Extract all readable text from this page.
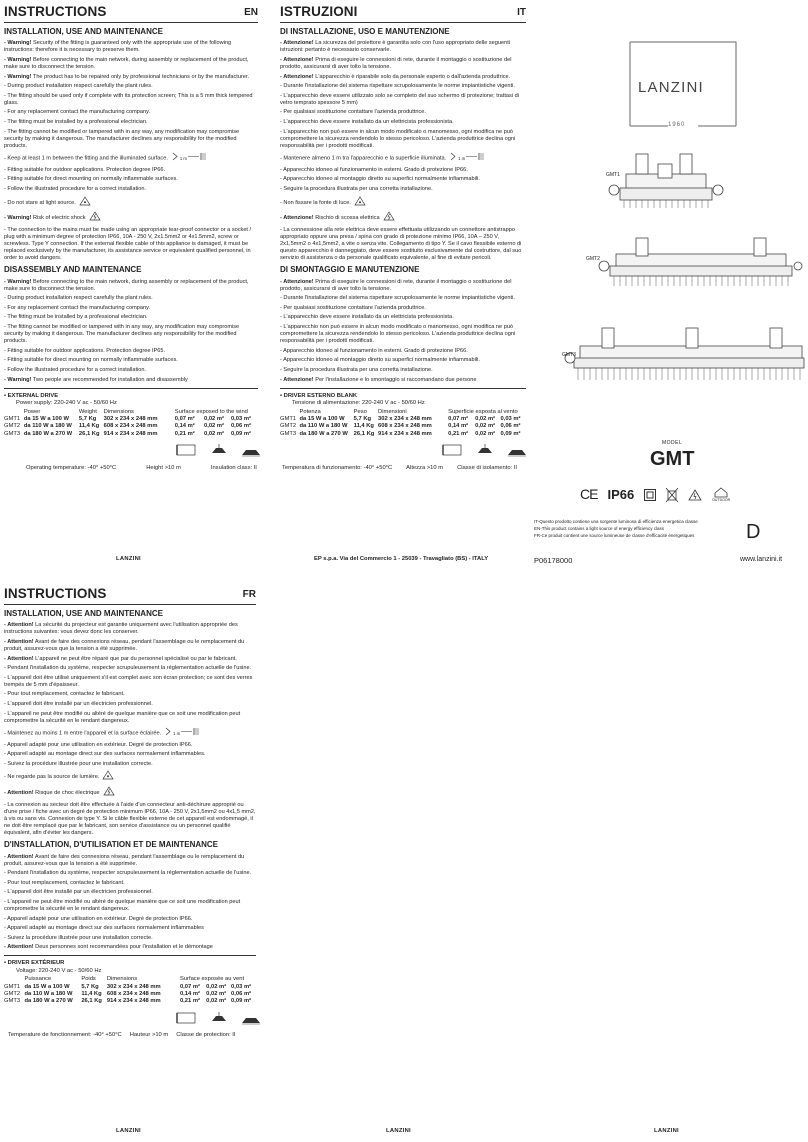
INSTRUCTIONS	EN
INSTALLATION, USE AND MAINTENANCE
- Warning! Security of the fitting is guaranteed only with the appropriate use of the following instructions: therefore it is necessary to preserve them.
- Warning! Before connecting to the main network, during assembly or replacement of the product, make sure to disconnect the tension.
- Warning! The product has to be repaired only by professional technicians or by the manufacturer.
- During product installation respect carefully the plant rules.
- The fitting should be used only if complete with its protection screen; This is a 5 mm thick tempered glass.
- For any replacement contact the manufacturing company.
- The fitting must be installed by a professional electrician.
- The fitting cannot be modified or tampered with in any way, any modification may compromise security by making it dangerous. The manufacturer declines any responsibility for the modified products.
- Keep at least 1 m between the fitting and the illuminated surface.	1 m
- Fitting suitable for outdoor applications. Protection degree IP66.
- Fitting suitable for direct mounting on normally inflammable surfaces.
- Follow the illustrated procedure for a correct installation.
- Do not stare at light source.
- Warning! Risk of electric shock
- The connection to the mains must be made using an appropriate tear-proof connector or a socket / plug with a minimum degree of protection IP66, 10A - 250 V, 2x1.5mm2 or 4x1.5mm2, screw or screwless. Type Y connection. If the external flexible cable of this appliance is damaged, it must be replaced exclusively by the manufacturer, its assistance service or equivalent qualified personnel, in order to avoid dangers.
DISASSEMBLY AND MAINTENANCE
- Warning! Before connecting to the main network, during assembly or replacement of the product, make sure to disconnect the tension.
- During product installation respect carefully the plant rules.
- For any replacement contact the manufacturing company.
- The fitting must be installed by a professional electrician.
- The fitting cannot be modified or tampered with in any way, any modification may compromise security by making it dangerous. The manufacturer declines any responsibility for the modified products.
- Fitting suitable for outdoor applications. Protection degree IP65.
- Fitting suitable for direct mounting on normally inflammable surfaces.
- Follow the illustrated procedure for a correct installation.
- Warning! Two people are recommended for installation and disassembly
• EXTERNAL DRIVE
Power supply: 220-240 V ac - 50/60 Hz
	Power	Weight	Dimensions	Surface exposed to the wind		
GMT1	da 15 W a 100 W	5,7 Kg	302 x 234 x 248 mm	0,07 m²	0,02 m²	0,03 m²
GMT2	da 110 W a 180 W	11,4 Kg	608 x 234 x 248 mm	0,14 m²	0,02 m²	0,06 m²
GMT3	da 180 W a 270 W	26,1 Kg	914 x 234 x 248 mm	0,21 m²	0,02 m²	0,09 m²
Operating temperature: -40° +50°C	Height >10 m	Insulation class: II
LANZINI
ISTRUZIONI	IT
DI INSTALLAZIONE, USO E MANUTENZIONE
- Attenzione! La sicurezza del proiettore è garantita solo con l'uso appropriato delle seguenti istruzioni: pertanto è necessario conservarle.
- Attenzione! Prima di eseguire le connessioni di rete, durante il montaggio o sostituzione del prodotto, assicurarsi di aver tolto la tensione.
- Attenzione! L'apparecchio è riparabile solo da personale esperto o dall'azienda produttrice.
- Durante l'installazione del sistema rispettare scrupolosamente le norme impiantistiche vigenti.
- L'apparecchio deve essere utilizzato solo se completo del suo schermo di protezione; trattasi di vetro temprato spessore 5 mm)
- Per qualsiasi sostituzione contattare l'azienda produttrice.
- L'apparecchio deve essere installato da un elettricista professionista.
- L'apparecchio non può essere in alcun modo modificato o manomesso, ogni modifica ne può compromettere la sicurezza rendendolo lo stesso pericoloso. L'azienda produttrice declina ogni responsabilità per i prodotti modificati.
- Mantenere almeno 1 m tra l'apparecchio e la superficie illuminata.	1 m
- Apparecchio idoneo al funzionamento in esterni. Grado di protezione IP66.
- Apparecchio idoneo al montaggio diretto su superfici normalmente infiammabili.
- Seguire la procedura illustrata per una corretta installazione.
- Non fissare la fonte di luce.
- Attenzione! Rischio di scossa elettrica
- La connessione alla rete elettrica deve essere effettuata utilizzando un connettore antistrappo appropriato oppure una presa / spina con grado di protezione minimo IP66, 10A – 250 V, 2x1,5mm2 o 4x1,5mm2, a vite o senza vite. Collegamento di tipo Y. Se il cavo flessibile esterno di questo apparecchio è danneggiato, deve essere sostituito esclusivamente dal costruttore, dal suo servizio di assistenza o da personale qualificato equivalente, al fine di evitare pericoli.
DI SMONTAGGIO E MANUTENZIONE
- Attenzione! Prima di eseguire le connessioni di rete, durante il montaggio o sostituzione del prodotto, assicurarsi di aver tolto la tensione.
- Durante l'installazione del sistema rispettare scrupolosamente le norme impiantistiche vigenti.
- Per qualsiasi sostituzione contattare l'azienda produttrice.
- L'apparecchio deve essere installato da un elettricista professionista.
- L'apparecchio non può essere in alcun modo modificato o manomesso, ogni modifica ne può compromettere la sicurezza rendendolo lo stesso pericoloso. L'azienda produttrice declina ogni responsabilità per i prodotti modificati.
- Apparecchio idoneo al funzionamento in esterni. Grado di protezione IP66.
- Apparecchio idoneo al montaggio diretto su superfici normalmente infiammabili.
- Seguire la procedura illustrata per una corretta installazione.
- Attenzione! Per l'installazione e lo smontaggio si raccomandano due persone
• DRIVER ESTERNO BLANK
Tensione di alimentazione: 220-240 V ac - 50/60 Hz
	Potenza	Peso	Dimensioni	Superficie esposta al vento		
GMT1	da 15 W a 100 W	5,7 Kg	302 x 234 x 248 mm	0,07 m²	0,02 m²	0,03 m²
GMT2	da 110 W a 180 W	11,4 Kg	608 x 234 x 248 mm	0,14 m²	0,02 m²	0,06 m²
GMT3	da 180 W a 270 W	26,1 Kg	914 x 234 x 248 mm	0,21 m²	0,02 m²	0,09 m²
Temperatura di funzionamento: -40° +50°C Altezza >10 m Classe di isolamento: II
EP s.p.a. Via del Commercio 1 - 25039 - Travagliato (BS) - ITALY
LANZINI
1960
GMT1
GMT2
GMT3
MODEL
GMT
CE IP66	OUTDOOR
IT-Questo prodotto contiene una sorgente luminosa di efficienza energetica classe
EN-This product contains a light source of energy efficiency class
FR-Ce produit contient une source lumineuse de classe d'efficacité énergetiques	D
P06178000	www.lanzini.it
INSTRUCTIONS	FR
INSTALLATION, USE AND MAINTENANCE
- Attention! La sécurité du projecteur est garantie uniquement avec l'utilisation appropriée des instructions suivantes: vous devez donc les conserver.
- Attention! Avant de faire des connexions réseau, pendant l'assemblage ou le remplacement du produit, assurez-vous que la tension a été supprimée.
- Attention! L'appareil ne peut être réparé que par du personnel spécialisé ou par le fabricant.
- Pendant l'installation du système, respecter scrupuleusement la réglementation actuelle de l'usine.
- L'appareil doit être utilisé uniquement s'il est complet avec son écran protection; ce sont des verres trempés de 5 mm d'épaisseur.
- Pour tout remplacement, contactez le fabricant.
- L'appareil doit être installé par un électricien professionnel.
- L'appareil ne peut être modifié ou altéré de quelque manière que ce soit une modification peut compromettre la sécurité en le rendant dangereux.
- Maintenez au moins 1 m entre l'appareil et la surface éclairée.	1 m
- Appareil adapté pour une utilisation en extérieur. Degré de protection IP66.
- Appareil adapté au montage direct sur des surfaces normalement inflammables.
- Suivez la procédure illustrée pour une installation correcte.
- Ne regarde pas la source de lumière.
- Attention! Risque de choc électrique
- La connexion au secteur doit être effectuée à l'aide d'un connecteur anti-déchirure approprié ou d'une prise / fiche avec un degré de protection minimum IP66, 10A - 250 V, 2x1,5mm2 ou 4x1,5 mm2, à vis ou sans vis. Connexion de type Y. Si le câble flexible externe de cet appareil est endommagé, il ne doit être remplacé que par le fabricant, son service d'assistance ou un personnel qualifié équivalent, afin d'éviter les dangers.
D'INSTALLATION, D'UTILISATION ET DE MAINTENANCE
- Attention! Avant de faire des connexions réseau, pendant l'assemblage ou le remplacement du produit, assurez-vous que la tension a été supprimée.
- Pendant l'installation du système, respecter scrupuleusement la réglementation actuelle de l'usine.
- Pour tout remplacement, contactez le fabricant.
- L'appareil doit être installé par un électricien professionnel.
- L'appareil ne peut être modifié ou altéré de quelque manière que ce soit une modification peut compromettre la sécurité en le rendant dangereux.
- Appareil adapté pour une utilisation en extérieur. Degré de protection IP66.
- Appareil adapté au montage direct sur des surfaces normalement inflammables
- Suivez la procédure illustrée pour une installation correcte.
- Attention! Deux personnes sont recommandées pour l'installation et le démontage
• DRIVER EXTÉRIEUR
Voltage: 220-240 V ac - 50/60 Hz
	Puissance	Poids	Dimensions	Surface exposée au vent		
GMT1	da 15 W a 100 W	5,7 Kg	302 x 234 x 248 mm	0,07 m²	0,02 m²	0,03 m²
GMT2	da 110 W a 180 W	11,4 Kg	608 x 234 x 248 mm	0,14 m²	0,02 m²	0,06 m²
GMT3	da 180 W a 270 W	26,1 Kg	914 x 234 x 248 mm	0,21 m²	0,02 m²	0,09 m²
Temperature de fonctionnement: -40° +50°C Hauteur >10 m Classe de protection: II
LANZINI	LANZINI	LANZINI
